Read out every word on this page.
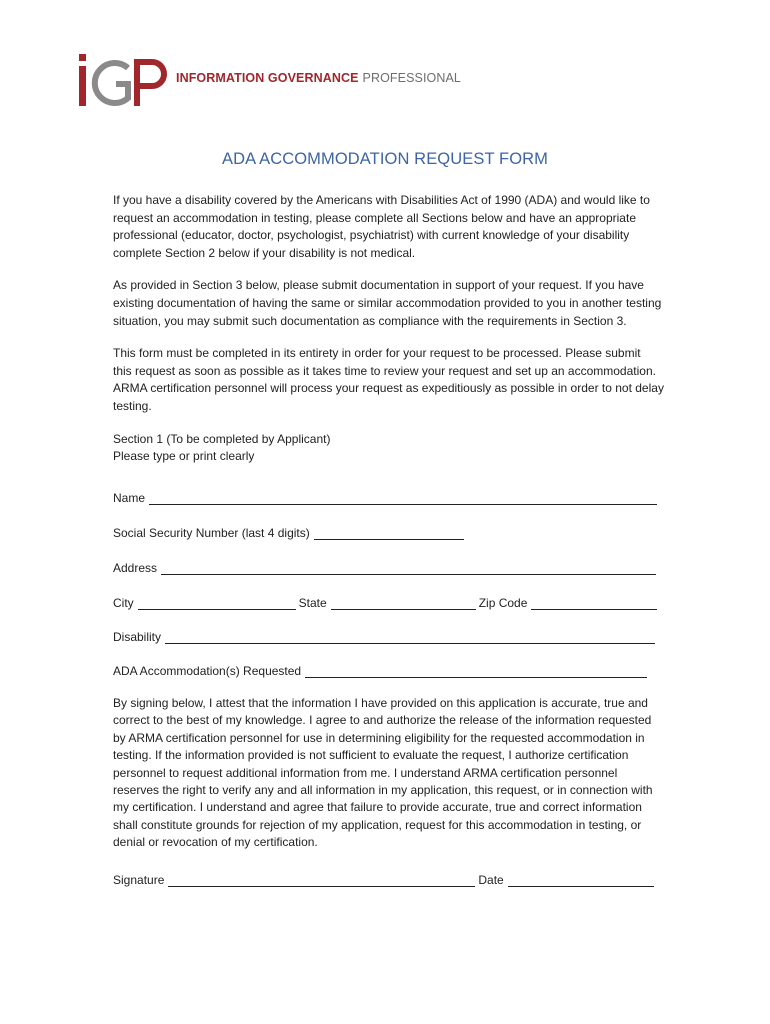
INFORMATION GOVERNANCE PROFESSIONAL
ADA ACCOMMODATION REQUEST FORM
If you have a disability covered by the Americans with Disabilities Act of 1990 (ADA) and would like to
request an accommodation in testing, please complete all Sections below and have an appropriate
professional (educator, doctor, psychologist, psychiatrist) with current knowledge of your disability
complete Section 2 below if your disability is not medical.
As provided in Section 3 below, please submit documentation in support of your request. If you have
existing documentation of having the same or similar accommodation provided to you in another testing
situation, you may submit such documentation as compliance with the requirements in Section 3.
This form must be completed in its entirety in order for your request to be processed. Please submit
this request as soon as possible as it takes time to review your request and set up an accommodation.
ARMA certification personnel will process your request as expeditiously as possible in order to not delay
testing.
Section 1 (To be completed by Applicant)
Please type or print clearly
Name
Social Security Number (last 4 digits)
Address
City	State	Zip Code
Disability
ADA Accommodation(s) Requested
By signing below, I attest that the information I have provided on this application is accurate, true and
correct to the best of my knowledge. I agree to and authorize the release of the information requested
by ARMA certification personnel for use in determining eligibility for the requested accommodation in
testing. If the information provided is not sufficient to evaluate the request, I authorize certification
personnel to request additional information from me. I understand ARMA certification personnel
reserves the right to verify any and all information in my application, this request, or in connection with
my certification. I understand and agree that failure to provide accurate, true and correct information
shall constitute grounds for rejection of my application, request for this accommodation in testing, or
denial or revocation of my certification.
Signature	Date
